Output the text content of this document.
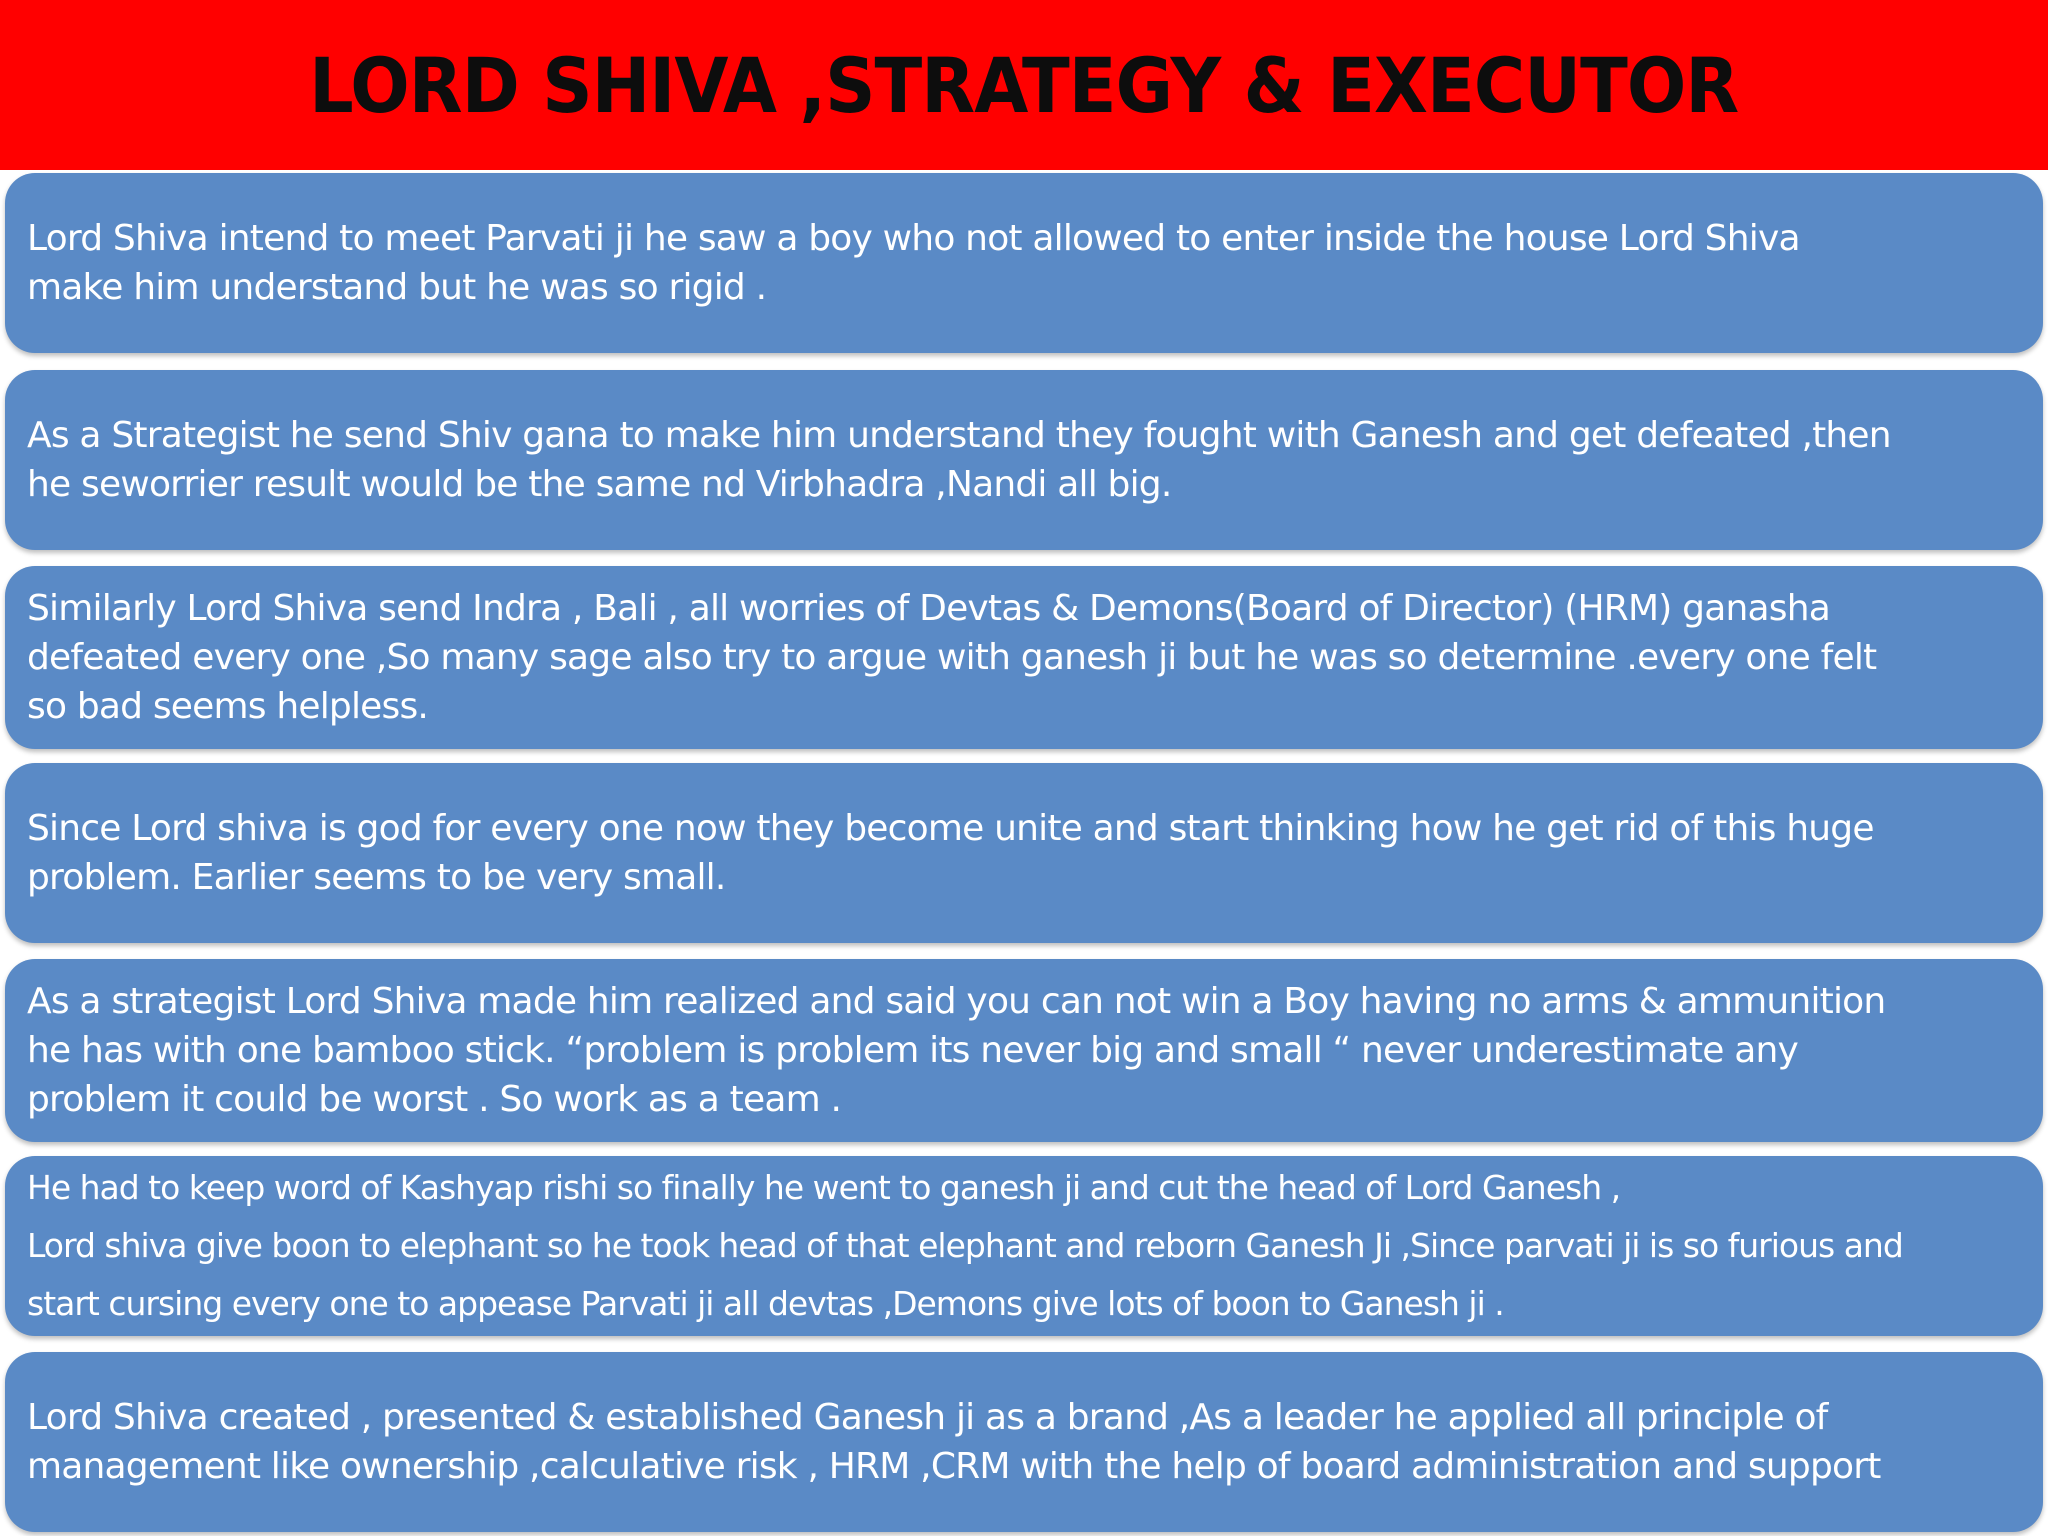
LORD SHIVA ,STRATEGY & EXECUTOR

Lord Shiva intend to meet Parvati ji he saw a boy who not allowed to enter inside the house Lord Shiva

make him understand but he was so rigid .

As a Strategist he send Shiv gana to make him understand they fought with Ganesh and get defeated ,then

he seworrier result would be the same nd Virbhadra ,Nandi all big.

Similarly Lord Shiva send Indra , Bali , all worries of Devtas & Demons(Board of Director) (HRM) ganasha

defeated every one ,So many sage also try to argue with ganesh ji but he was so determine .every one felt

so bad seems helpless.

Since Lord shiva is god for every one now they become unite and start thinking how he get rid of this huge

problem. Earlier seems to be very small.

As a strategist Lord Shiva made him realized and said you can not win a Boy having no arms & ammunition

he has with one bamboo stick. “problem is problem its never big and small “ never underestimate any

problem it could be worst . So work as a team .

He had to keep word of Kashyap rishi so finally he went to ganesh ji and cut the head of Lord Ganesh ,

Lord shiva give boon to elephant so he took head of that elephant and reborn Ganesh Ji ,Since parvati ji is so furious and

start cursing every one to appease Parvati ji all devtas ,Demons give lots of boon to Ganesh ji .

Lord Shiva created , presented & established Ganesh ji as a brand ,As a leader he applied all principle of

management like ownership ,calculative risk , HRM ,CRM with the help of board administration and support
